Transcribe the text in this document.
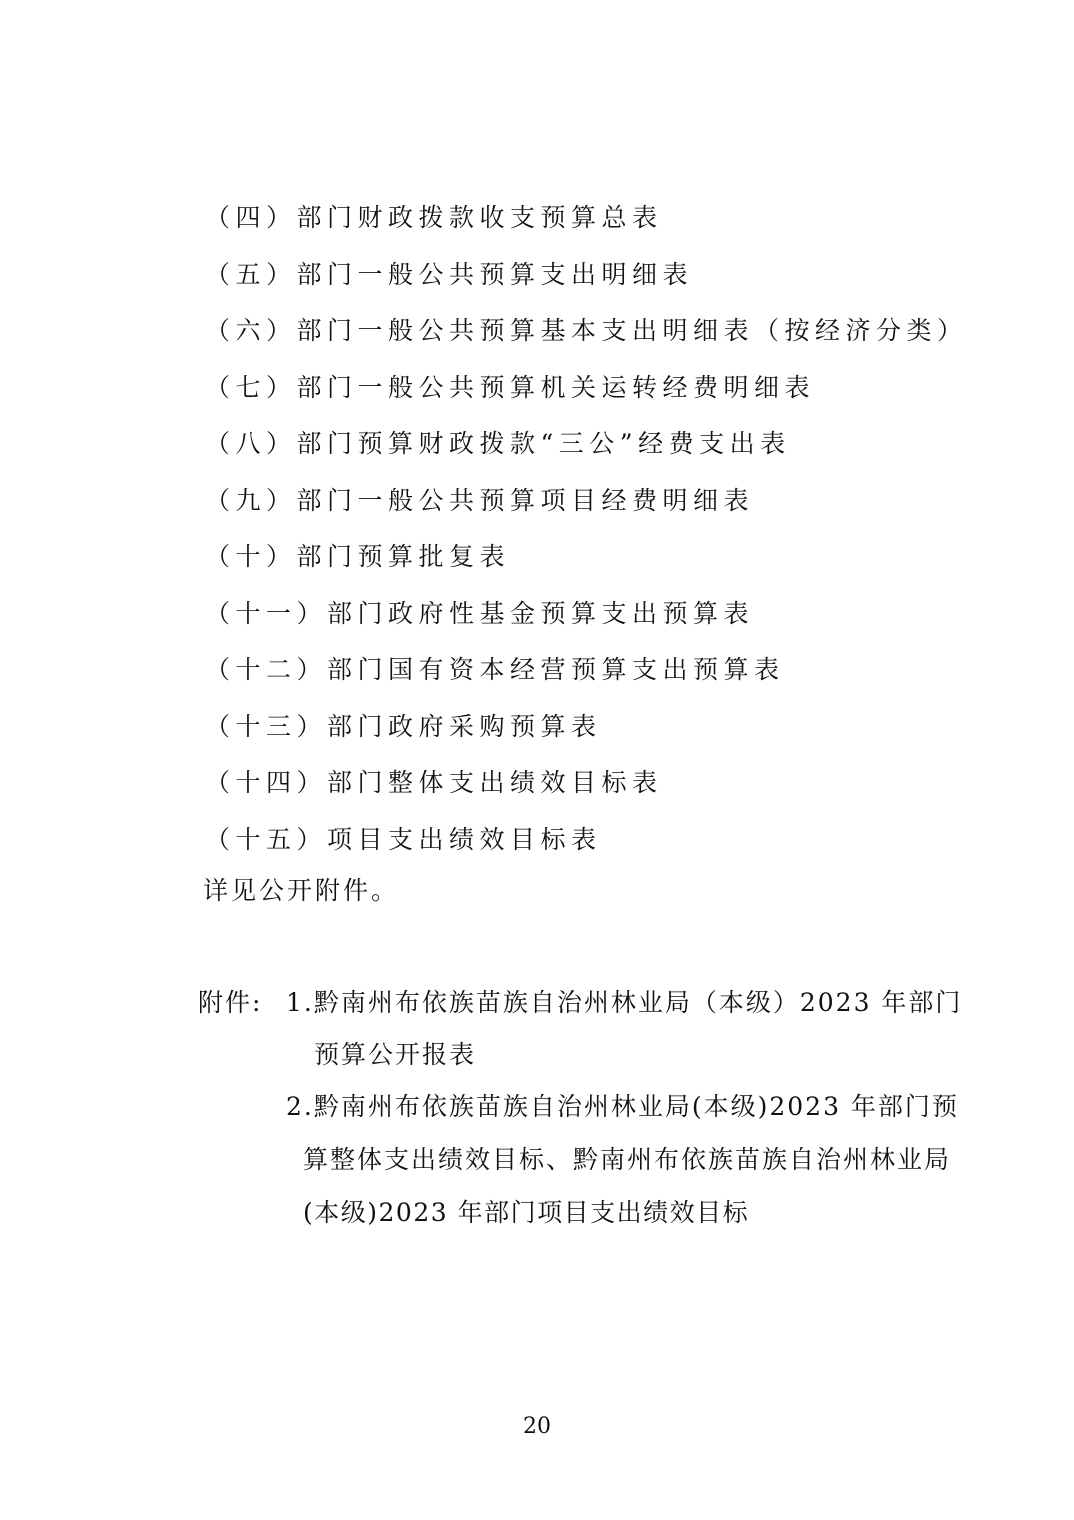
（四）部门财政拨款收支预算总表
（五）部门一般公共预算支出明细表
（六）部门一般公共预算基本支出明细表（按经济分类）
（七）部门一般公共预算机关运转经费明细表
（八）部门预算财政拨款“三公”经费支出表
（九）部门一般公共预算项目经费明细表
（十）部门预算批复表
（十一）部门政府性基金预算支出预算表
（十二）部门国有资本经营预算支出预算表
（十三）部门政府采购预算表
（十四）部门整体支出绩效目标表
（十五）项目支出绩效目标表
详见公开附件。
附件: 1.黔南州布依族苗族自治州林业局（本级）2023 年部门
预算公开报表
2.黔南州布依族苗族自治州林业局(本级)2023 年部门预
算整体支出绩效目标、黔南州布依族苗族自治州林业局
(本级)2023 年部门项目支出绩效目标
20
